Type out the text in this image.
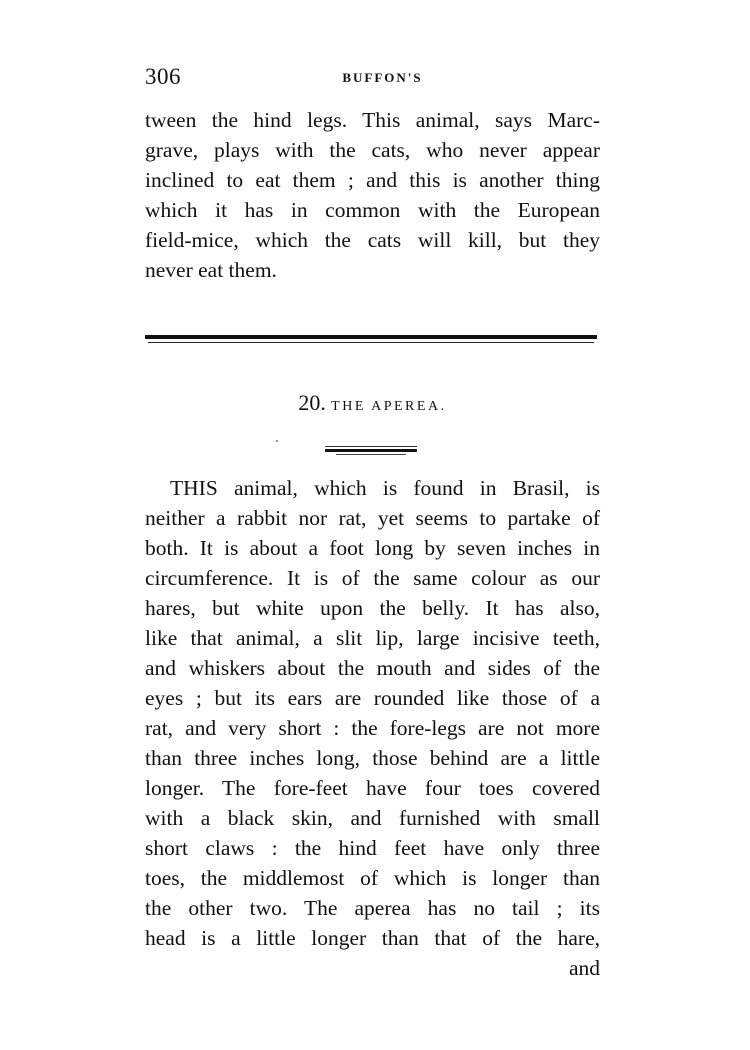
306	BUFFON'S
tween the hind legs. This animal, says Marc-
grave, plays with the cats, who never appear
inclined to eat them ; and this is another thing
which it has in common with the European
field-mice, which the cats will kill, but they
never eat them.
20. THE APEREA.
THIS animal, which is found in Brasil, is
neither a rabbit nor rat, yet seems to partake of
both. It is about a foot long by seven inches in
circumference. It is of the same colour as our
hares, but white upon the belly. It has also,
like that animal, a slit lip, large incisive teeth,
and whiskers about the mouth and sides of the
eyes ; but its ears are rounded like those of a
rat, and very short : the fore-legs are not more
than three inches long, those behind are a little
longer. The fore-feet have four toes covered
with a black skin, and furnished with small
short claws : the hind feet have only three
toes, the middlemost of which is longer than
the other two. The aperea has no tail ; its
head is a little longer than that of the hare,
and
